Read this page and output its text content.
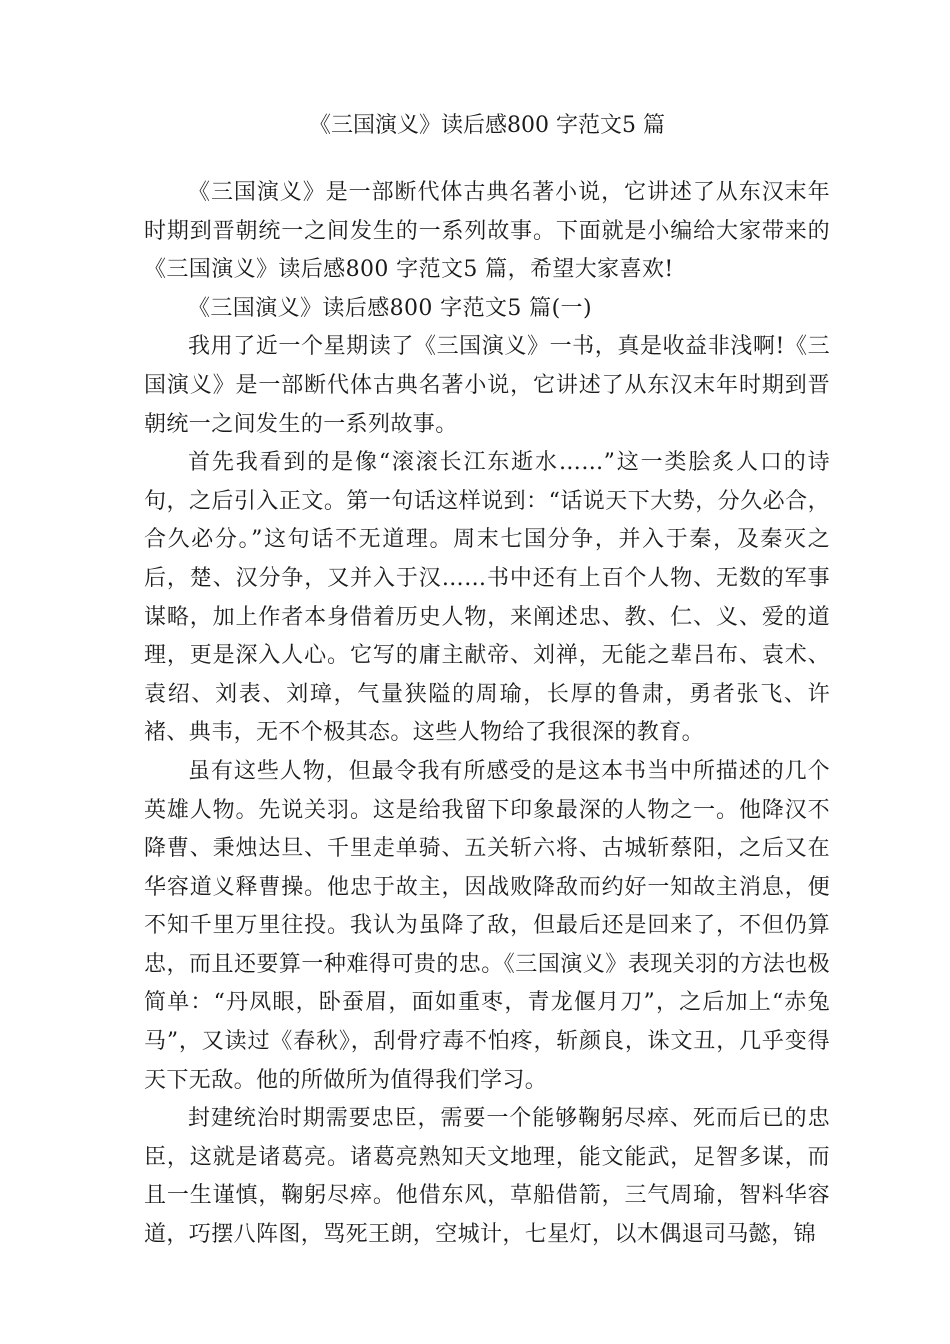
《三国演义》读后感800 字范文5 篇

《三国演义》是一部断代体古典名著小说，它讲述了从东汉末年时期到晋朝统一之间发生的一系列故事。下面就是小编给大家带来的《三国演义》读后感800 字范文5 篇，希望大家喜欢!

《三国演义》读后感800 字范文5 篇(一)

我用了近一个星期读了《三国演义》一书，真是收益非浅啊!《三国演义》是一部断代体古典名著小说，它讲述了从东汉末年时期到晋朝统一之间发生的一系列故事。

首先我看到的是像“滚滚长江东逝水……”这一类脍炙人口的诗句，之后引入正文。第一句话这样说到：“话说天下大势，分久必合，合久必分。”这句话不无道理。周末七国分争，并入于秦，及秦灭之后，楚、汉分争，又并入于汉……书中还有上百个人物、无数的军事谋略，加上作者本身借着历史人物，来阐述忠、教、仁、义、爱的道理，更是深入人心。它写的庸主献帝、刘禅，无能之辈吕布、袁术、袁绍、刘表、刘璋，气量狭隘的周瑜，长厚的鲁肃，勇者张飞、许褚、典韦，无不个极其态。这些人物给了我很深的教育。

虽有这些人物，但最令我有所感受的是这本书当中所描述的几个英雄人物。先说关羽。这是给我留下印象最深的人物之一。他降汉不降曹、秉烛达旦、千里走单骑、五关斩六将、古城斩蔡阳，之后又在华容道义释曹操。他忠于故主，因战败降敌而约好一知故主消息，便不知千里万里往投。我认为虽降了敌，但最后还是回来了，不但仍算忠，而且还要算一种难得可贵的忠。《三国演义》表现关羽的方法也极简单：“丹凤眼，卧蚕眉，面如重枣，青龙偃月刀”，之后加上“赤兔马”，又读过《春秋》，刮骨疗毒不怕疼，斩颜良，诛文丑，几乎变得天下无敌。他的所做所为值得我们学习。

封建统治时期需要忠臣，需要一个能够鞠躬尽瘁、死而后已的忠臣，这就是诸葛亮。诸葛亮熟知天文地理，能文能武，足智多谋，而且一生谨慎，鞠躬尽瘁。他借东风，草船借箭，三气周瑜，智料华容道，巧摆八阵图，骂死王朗，空城计，七星灯，以木偶退司马懿，锦
